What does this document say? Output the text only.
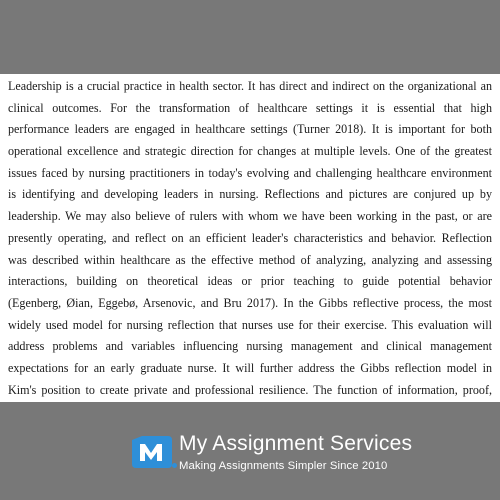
Leadership is a crucial practice in health sector. It has direct and indirect on the organizational an
clinical outcomes. For the transformation of healthcare settings it is essential that high
performance leaders are engaged in healthcare settings (Turner 2018). It is important for both
operational excellence and strategic direction for changes at multiple levels. One of the greatest
issues faced by nursing practitioners in today's evolving and challenging healthcare environment
is identifying and developing leaders in nursing. Reflections and pictures are conjured up by
leadership. We may also believe of rulers with whom we have been working in the past, or are
presently operating, and reflect on an efficient leader's characteristics and behavior. Reflection
was described within healthcare as the effective method of analyzing, analyzing and assessing
interactions, building on theoretical ideas or prior teaching to guide potential behavior
(Egenberg, Øian, Eggebø, Arsenovic, and Bru 2017). In the Gibbs reflective process, the most
widely used model for nursing reflection that nurses use for their exercise. This evaluation will
address problems and variables influencing nursing management and clinical management
expectations for an early graduate nurse. It will further address the Gibbs reflection model in
Kim's position to create private and professional resilience. The function of information, proof,
My Assignment Services
Making Assignments Simpler Since 2010
